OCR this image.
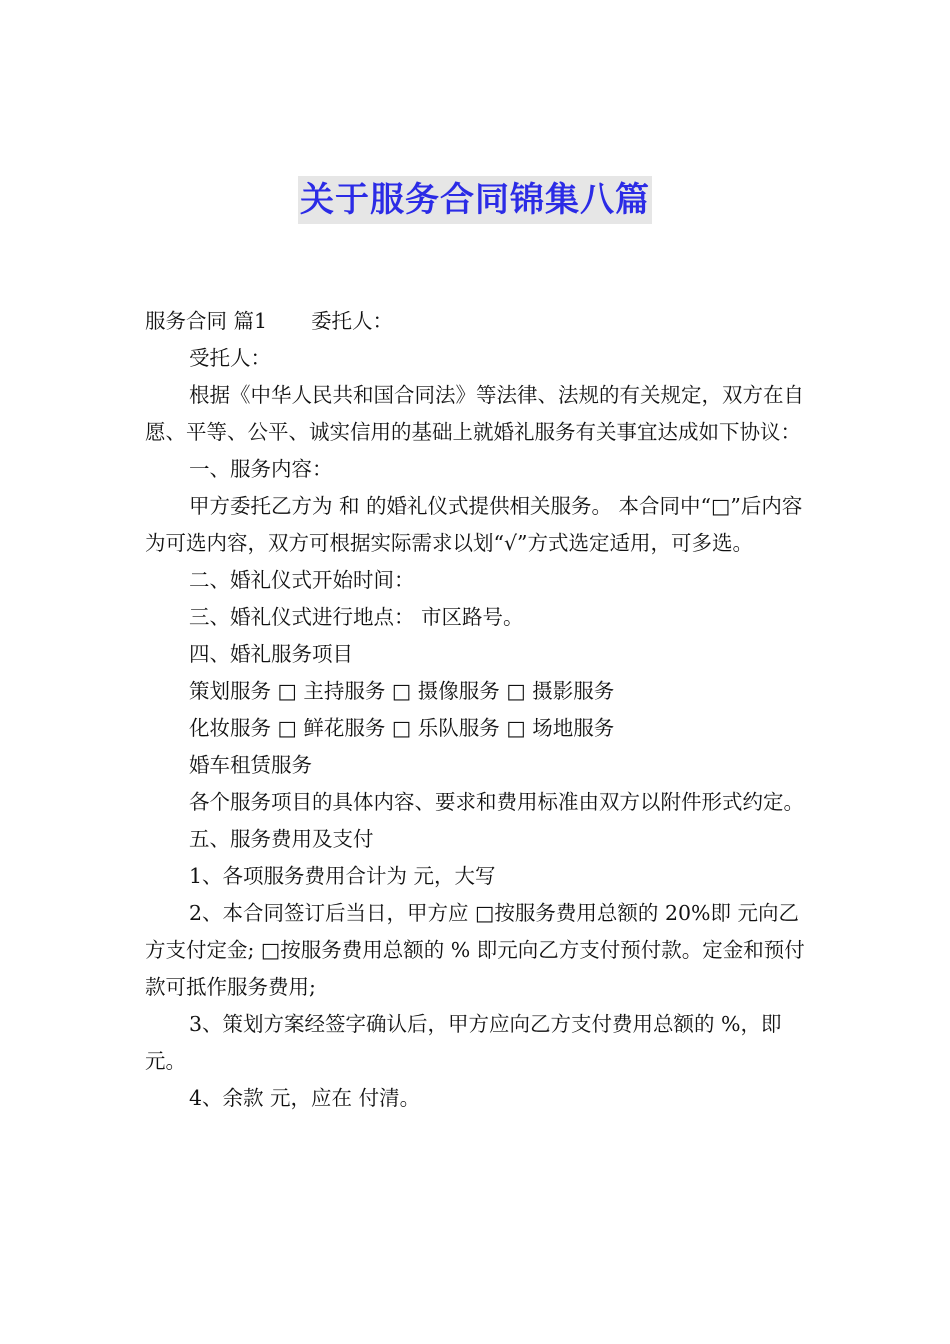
关于服务合同锦集八篇

服务合同 篇1 委托人：

受托人：

根据《中华人民共和国合同法》等法律、法规的有关规定，双方在自愿、平等、公平、诚实信用的基础上就婚礼服务有关事宜达成如下协议：

一、服务内容：

甲方委托乙方为 和 的婚礼仪式提供相关服务。 本合同中“□”后内容为可选内容，双方可根据实际需求以划“√”方式选定适用，可多选。

二、婚礼仪式开始时间：

三、婚礼仪式进行地点： 市区路号。

四、婚礼服务项目

策划服务 □ 主持服务 □ 摄像服务 □ 摄影服务

化妆服务 □ 鲜花服务 □ 乐队服务 □ 场地服务

婚车租赁服务

各个服务项目的具体内容、要求和费用标准由双方以附件形式约定。

五、服务费用及支付

1、各项服务费用合计为 元，大写

2、本合同签订后当日，甲方应 □按服务费用总额的 20%即 元向乙方支付定金; □按服务费用总额的 % 即元向乙方支付预付款。定金和预付款可抵作服务费用;

3、策划方案经签字确认后，甲方应向乙方支付费用总额的 %，即 元。

4、余款 元，应在 付清。
